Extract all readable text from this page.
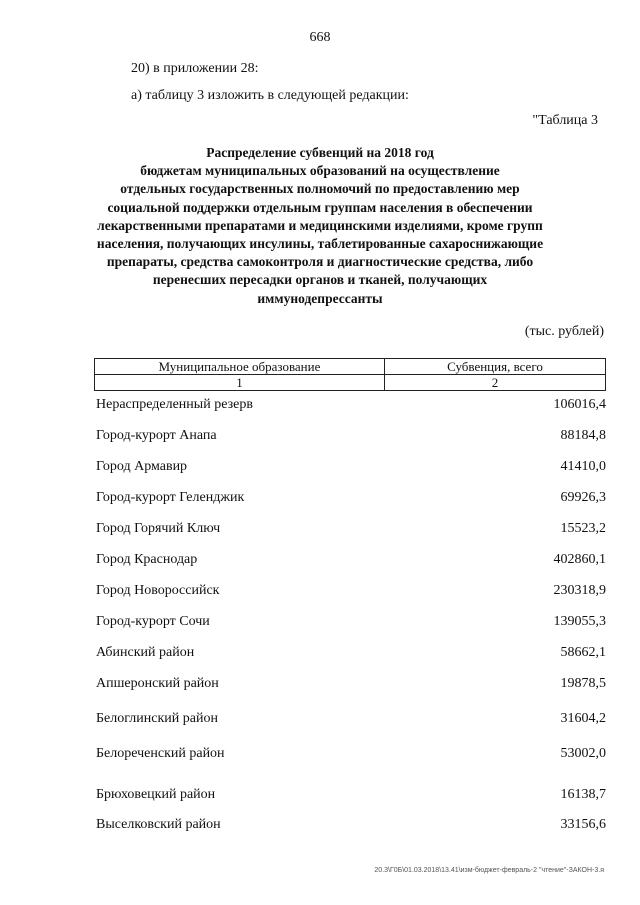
668
20) в приложении 28:
а) таблицу 3 изложить в следующей редакции:
"Таблица 3
Распределение субвенций на 2018 год
бюджетам муниципальных образований на осуществление
отдельных государственных полномочий по предоставлению мер
социальной поддержки отдельным группам населения в обеспечении
лекарственными препаратами и медицинскими изделиями, кроме групп
населения, получающих инсулины, таблетированные сахароснижающие
препараты, средства самоконтроля и диагностические средства, либо
перенесших пересадки органов и тканей, получающих
иммунодепрессанты
(тыс. рублей)
Муниципальное образование	Субвенция, всего
1	2
Нераспределенный резерв	106016,4
Город-курорт Анапа	88184,8
Город Армавир	41410,0
Город-курорт Геленджик	69926,3
Город Горячий Ключ	15523,2
Город Краснодар	402860,1
Город Новороссийск	230318,9
Город-курорт Сочи	139055,3
Абинский район	58662,1
Апшеронский район	19878,5
Белоглинский район	31604,2
Белореченский район	53002,0
Брюховецкий район	16138,7
Выселковский район	33156,6
20.3\Г0Б\01.03.2018\13.41\изм-бюджет-февраль-2 "чтение"-ЗАКОН-3.я
